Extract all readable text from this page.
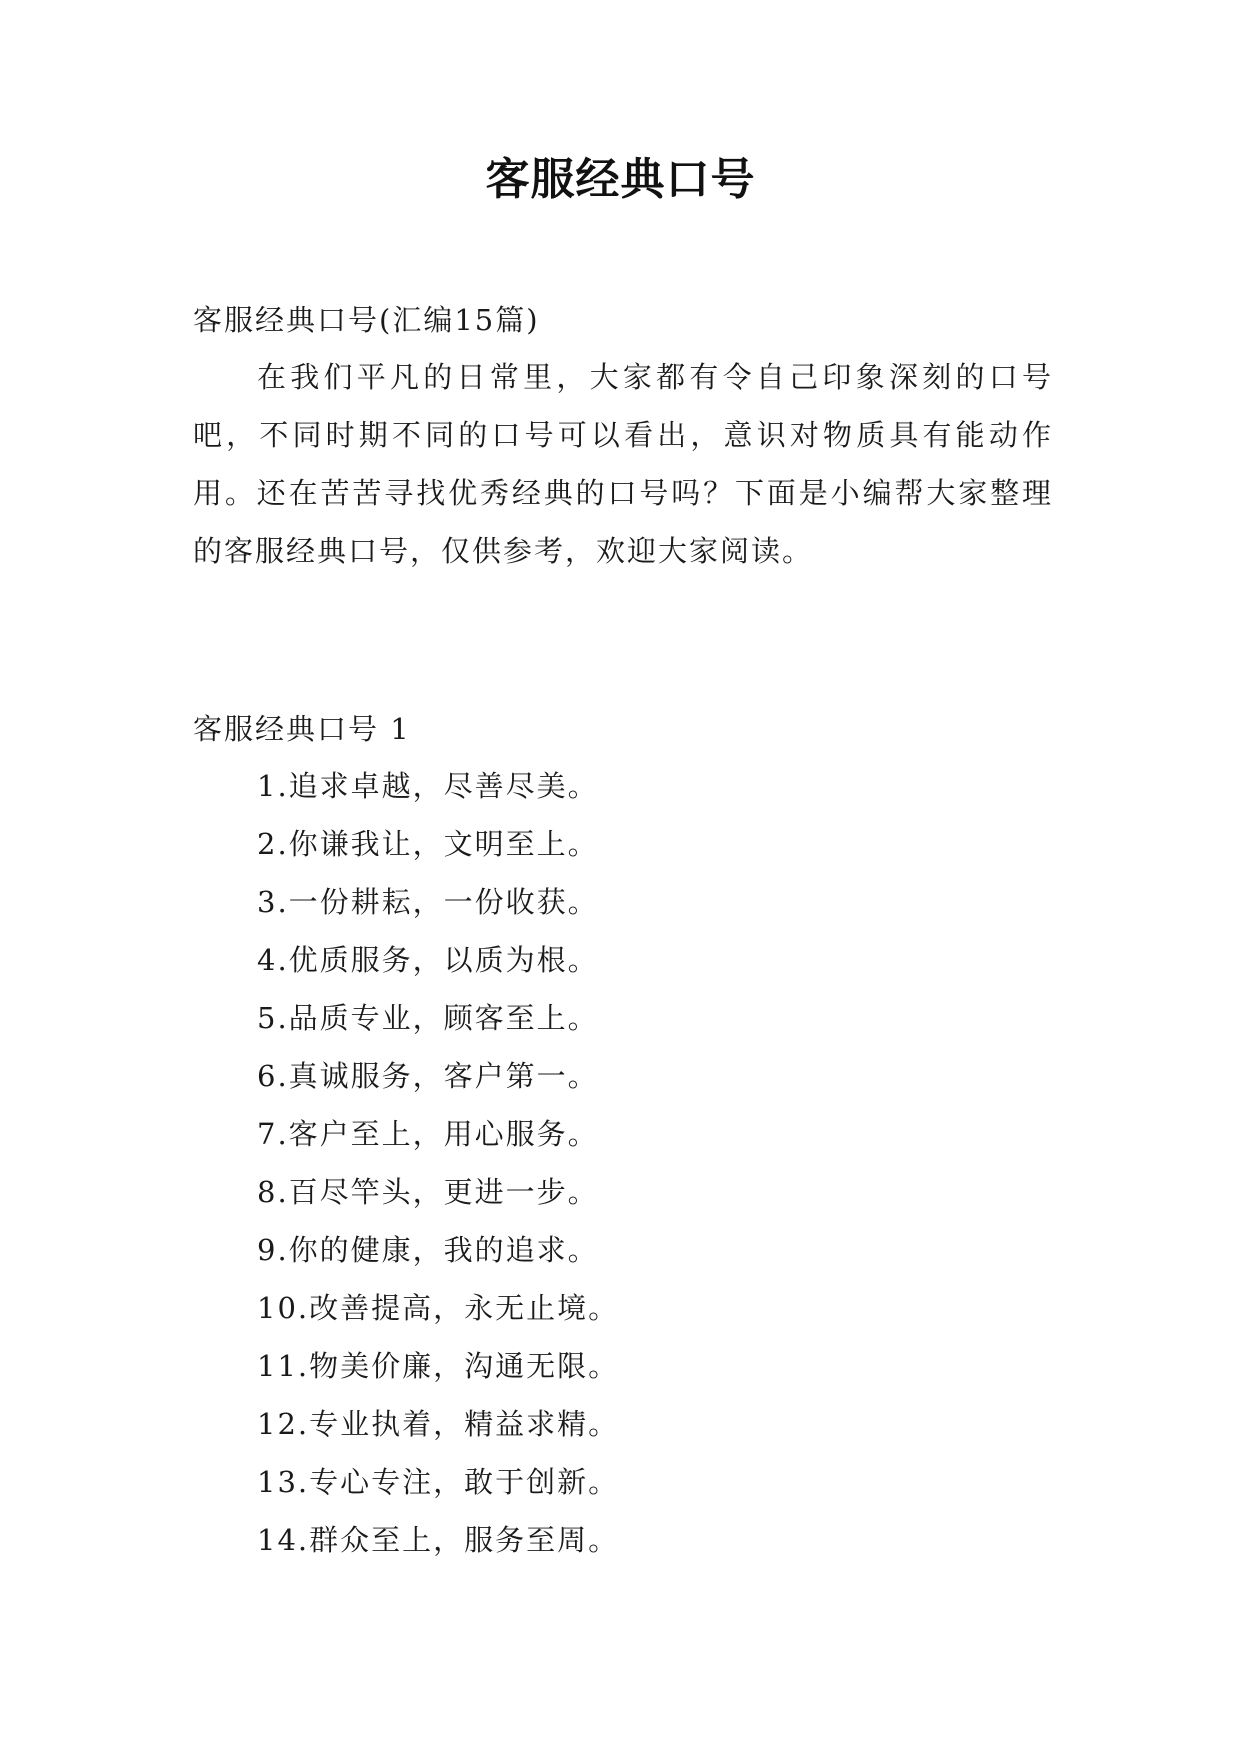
客服经典口号
客服经典口号(汇编15篇)
在我们平凡的日常里，大家都有令自己印象深刻的口号吧，不同时期不同的口号可以看出，意识对物质具有能动作用。还在苦苦寻找优秀经典的口号吗？下面是小编帮大家整理的客服经典口号，仅供参考，欢迎大家阅读。
客服经典口号 1
1.追求卓越，尽善尽美。
2.你谦我让，文明至上。
3.一份耕耘，一份收获。
4.优质服务，以质为根。
5.品质专业，顾客至上。
6.真诚服务，客户第一。
7.客户至上，用心服务。
8.百尽竿头，更进一步。
9.你的健康，我的追求。
10.改善提高，永无止境。
11.物美价廉，沟通无限。
12.专业执着，精益求精。
13.专心专注，敢于创新。
14.群众至上，服务至周。
